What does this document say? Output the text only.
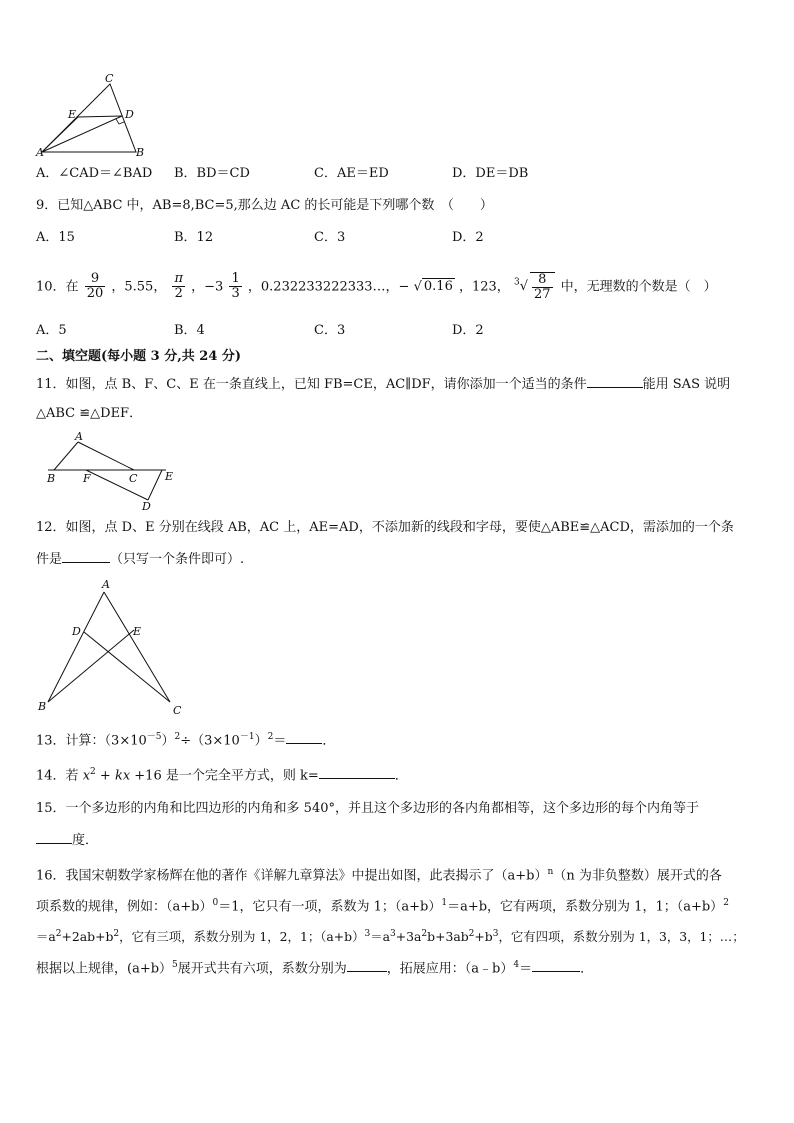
C
E	D
A	B
A．∠CAD＝∠BAD B．BD＝CD	C．AE＝ED	D．DE＝DB
9．已知△ABC 中，AB=8,BC=5,那么边 AC 的长可能是下列哪个数　（　　）
A．15	B．12	C．3	D．2
10．在 $\frac{9}{20}$ ，5.55， $\frac{\pi}{2}$ ，$-3 \frac{1}{3}$ ，0.232233222333…，− √ 0.16 ，123， $^3√ \frac{8}{27}$ 中，无理数的个数是（　）
A．5	B．4	C．3	D．2
二、填空题(每小题 3 分,共 24 分)
11．如图，点 B、F、C、E 在一条直线上，已知 FB=CE，AC∥DF，请你添加一个适当的条件	能用 SAS 说明
△ABC ≌△DEF．
A
B	F	C	E
D
12．如图，点 D、E 分别在线段 AB，AC 上，AE=AD，不添加新的线段和字母，要使△ABE≌△ACD，需添加的一个条
件是	（只写一个条件即可）.
A
D	E
B	C
13．计算：$(3\times 10^{-5})^2\div(3\times 10^{-1})^2=$	．
14．若 $x^2$ + kx +16 是一个完全平方式，则 k=	．
15．一个多边形的内角和比四边形的内角和多 540°，并且这个多边形的各内角都相等，这个多边形的每个内角等于
度．
16．我国宋朝数学家杨辉在他的著作《详解九章算法》中提出如图，此表揭示了$(a+b)^n(n$ 为非负整数）展开式的各
项系数的规律，例如：$(a+b)^0=1$，它只有一项，系数为 1；$(a+b)^1=a+b$，它有两项，系数分别为 1，1；$(a+b)^2$
$=a^2+2ab+b^2$，它有三项，系数分别为 1，2，1；$(a+b)^3=a^3+3a^2b+3ab^2+b^3$，它有四项，系数分别为 1，3，3，1；…；
根据以上规律，(a+b）$^5$展开式共有六项，系数分别为	，拓展应用：（a﹣b）$^4$＝	．
